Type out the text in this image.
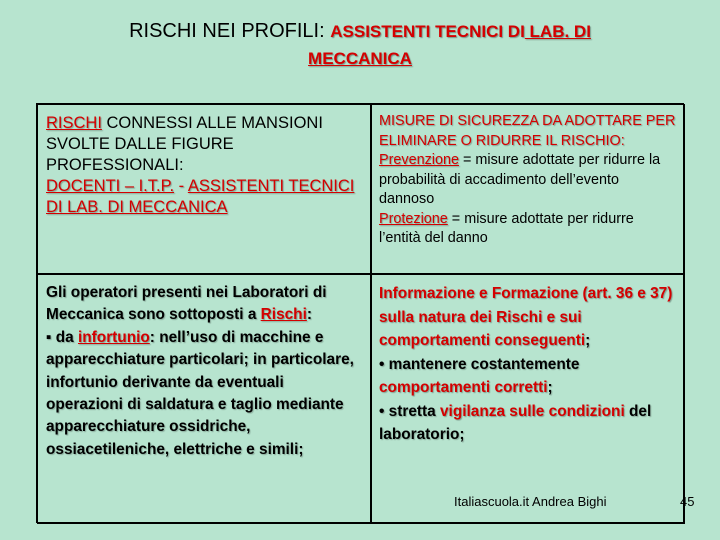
RISCHI NEI PROFILI: ASSISTENTI TECNICI DI LAB. DI
MECCANICA
RISCHI CONNESSI ALLE MANSIONI SVOLTE DALLE FIGURE PROFESSIONALI:
DOCENTI – I.T.P. - ASSISTENTI TECNICI DI LAB. DI MECCANICA
MISURE DI SICUREZZA DA ADOTTARE PER ELIMINARE O RIDURRE IL RISCHIO:
Prevenzione = misure adottate per ridurre la probabilità di accadimento dell’evento dannoso
Protezione = misure adottate per ridurre l’entità del danno
Gli operatori presenti nei Laboratori di Meccanica sono sottoposti a Rischi:
▪ da infortunio: nell’uso di macchine e apparecchiature particolari; in particolare, infortunio derivante da eventuali operazioni di saldatura e taglio mediante apparecchiature ossidriche, ossiacetileniche, elettriche e simili;
Informazione e Formazione (art. 36 e 37) sulla natura dei Rischi e sui comportamenti conseguenti;
• mantenere costantemente comportamenti corretti;
• stretta vigilanza sulle condizioni del laboratorio;
Italiascuola.it Andrea Bighi	45
